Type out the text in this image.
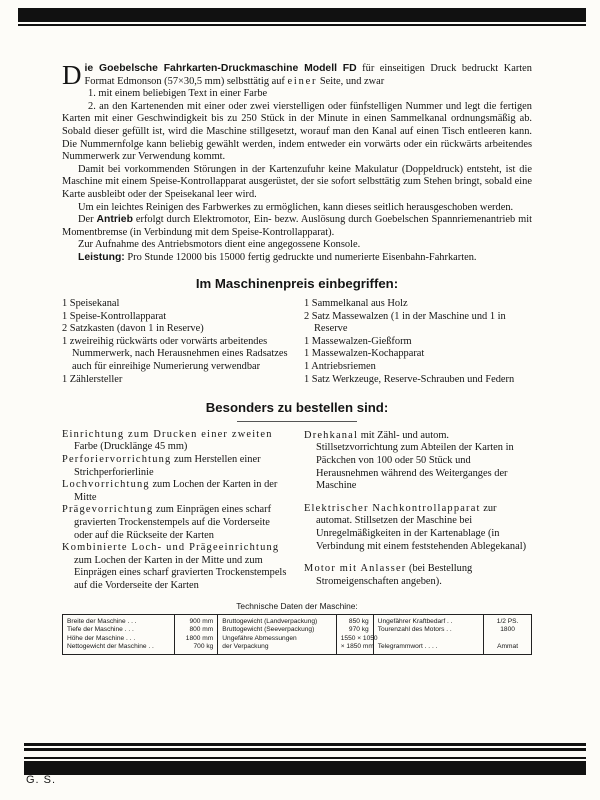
Die Goebelsche Fahrkarten-Druckmaschine Modell FD für einseitigen Druck bedruckt Karten Format Edmonson (57×30,5 mm) selbsttätig auf einer Seite, und zwar

1. mit einem beliebigen Text in einer Farbe

2. an den Kartenenden mit einer oder zwei vierstelligen oder fünfstelligen Nummer und legt die fertigen Karten mit einer Geschwindigkeit bis zu 250 Stück in der Minute in einen Sammelkanal ordnungsmäßig ab. Sobald dieser gefüllt ist, wird die Maschine stillgesetzt, worauf man den Kanal auf einen Tisch entleeren kann. Die Nummernfolge kann beliebig gewählt werden, indem entweder ein vorwärts oder ein rückwärts arbeitendes Nummerwerk zur Verwendung kommt.

Damit bei vorkommenden Störungen in der Kartenzufuhr keine Makulatur (Doppeldruck) entsteht, ist die Maschine mit einem Speise-Kontrollapparat ausgerüstet, der sie sofort selbsttätig zum Stehen bringt, sobald eine Karte ausbleibt oder der Speisekanal leer wird.

Um ein leichtes Reinigen des Farbwerkes zu ermöglichen, kann dieses seitlich herausgeschoben werden.

Der Antrieb erfolgt durch Elektromotor, Ein- bezw. Auslösung durch Goebelschen Spannriemenantrieb mit Momentbremse (in Verbindung mit dem Speise-Kontrollapparat).

Zur Aufnahme des Antriebsmotors dient eine angegossene Konsole.

Leistung: Pro Stunde 12000 bis 15000 fertig gedruckte und numerierte Eisenbahn-Fahrkarten.

Im Maschinenpreis einbegriffen:

1 Speisekanal

1 Speise-Kontrollapparat

2 Satzkasten (davon 1 in Reserve)

1 zweireihig rückwärts oder vorwärts arbeitendes Nummerwerk, nach Herausnehmen eines Radsatzes auch für einreihige Numerierung verwendbar

1 Zählersteller

1 Sammelkanal aus Holz

2 Satz Massewalzen (1 in der Maschine und 1 in Reserve

1 Massewalzen-Gießform

1 Massewalzen-Kochapparat

1 Antriebsriemen

1 Satz Werkzeuge, Reserve-Schrauben und Federn

Besonders zu bestellen sind:

Einrichtung zum Drucken einer zweiten Farbe (Drucklänge 45 mm)

Perforiervorrichtung zum Herstellen einer Strichperforierlinie

Lochvorrichtung zum Lochen der Karten in der Mitte

Prägevorrichtung zum Einprägen eines scharf gravierten Trockenstempels auf die Vorderseite oder auf die Rückseite der Karten

Kombinierte Loch- und Prägeeinrichtung zum Lochen der Karten in der Mitte und zum Einprägen eines scharf gravierten Trockenstempels auf die Vorderseite der Karten

Drehkanal mit Zähl- und autom. Stillsetzvorrichtung zum Abteilen der Karten in Päckchen von 100 oder 50 Stück und Herausnehmen während des Weiterganges der Maschine

Elektrischer Nachkontrollapparat zur automat. Stillsetzen der Maschine bei Unregelmäßigkeiten in der Kartenablage (in Verbindung mit einem feststehenden Ablegekanal)

Motor mit Anlasser (bei Bestellung Stromeigenschaften angeben).

Technische Daten der Maschine:
Breite der Maschine . . .
Tiefe der Maschine . . .
Höhe der Maschine . . .
Nettogewicht der Maschine . .
900 mm
800 mm
1800 mm
700 kg
Bruttogewicht (Landverpackung)
Bruttogewicht (Seeverpackung)
Ungefähre Abmessungen
der Verpackung
850 kg
970 kg
1550 × 1050
× 1850 mm
Ungefährer Kraftbedarf . .
Tourenzahl des Motors . .

Telegrammwort . . . .
1/2 PS.
1800

Ammat
G. S.
